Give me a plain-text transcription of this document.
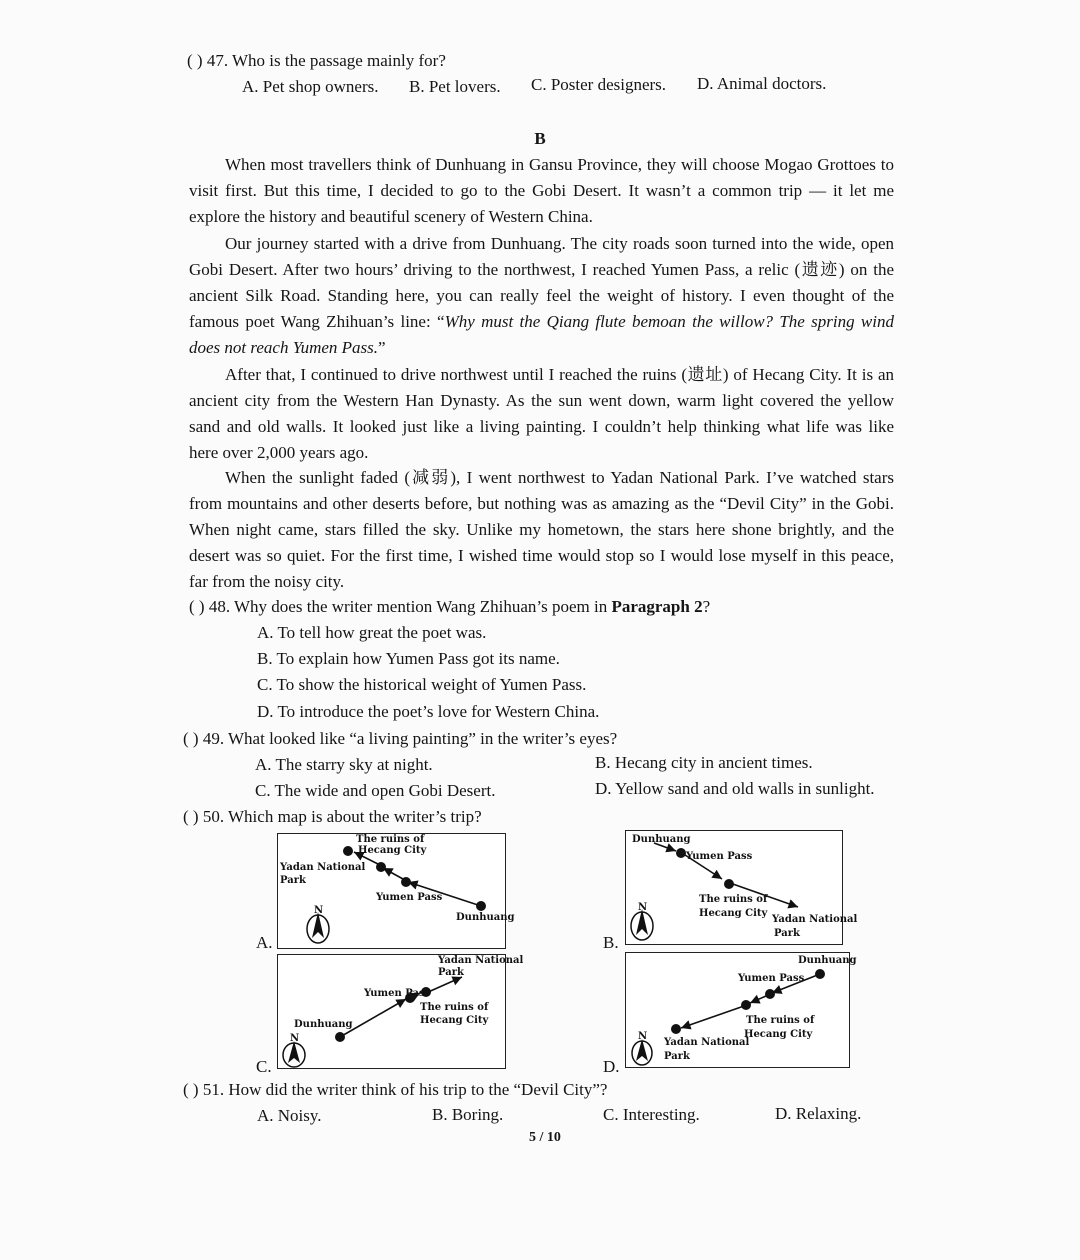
( ) 47. Who is the passage mainly for?
A. Pet shop owners. B. Pet lovers. C. Poster designers. D. Animal doctors.
B
When most travellers think of Dunhuang in Gansu Province, they will choose Mogao Grottoes to
visit first. But this time, I decided to go to the Gobi Desert. It wasn’t a common trip — it let me
explore the history and beautiful scenery of Western China.
Our journey started with a drive from Dunhuang. The city roads soon turned into the wide, open
Gobi Desert. After two hours’ driving to the northwest, I reached Yumen Pass, a relic (遗迹) on the
ancient Silk Road. Standing here, you can really feel the weight of history. I even thought of the
famous poet Wang Zhihuan’s line: “Why must the Qiang flute bemoan the willow? The spring wind
does not reach Yumen Pass.”
After that, I continued to drive northwest until I reached the ruins (遗址) of Hecang City. It is an
ancient city from the Western Han Dynasty. As the sun went down, warm light covered the yellow
sand and old walls. It looked just like a living painting. I couldn’t help thinking what life was like
here over 2,000 years ago.
When the sunlight faded (减弱), I went northwest to Yadan National Park. I’ve watched stars
from mountains and other deserts before, but nothing was as amazing as the “Devil City” in the Gobi.
When night came, stars filled the sky. Unlike my hometown, the stars here shone brightly, and the
desert was so quiet. For the first time, I wished time would stop so I would lose myself in this peace,
far from the noisy city.
( ) 48. Why does the writer mention Wang Zhihuan’s poem in Paragraph 2?
A. To tell how great the poet was.
B. To explain how Yumen Pass got its name.
C. To show the historical weight of Yumen Pass.
D. To introduce the poet’s love for Western China.
( ) 49. What looked like “a living painting” in the writer’s eyes?
A. The starry sky at night.	B. Hecang city in ancient times.
C. The wide and open Gobi Desert.	D. Yellow sand and old walls in sunlight.
( ) 50. Which map is about the writer’s trip?
A.
The ruins of
Hecang City
Yadan National
Park
Yumen Pass
Dunhuang
N
B.
Dunhuang
Yumen Pass
The ruins of
Hecang City
Yadan National
Park
N
C.
Yadan National
Park
Yumen Pass
The ruins of
Hecang City
Dunhuang
N
D.
Dunhuang
Yumen Pass
The ruins of
Hecang City
Yadan National
Park
N
( ) 51. How did the writer think of his trip to the “Devil City”?
A. Noisy.	B. Boring.	C. Interesting.	D. Relaxing.
5 / 10
